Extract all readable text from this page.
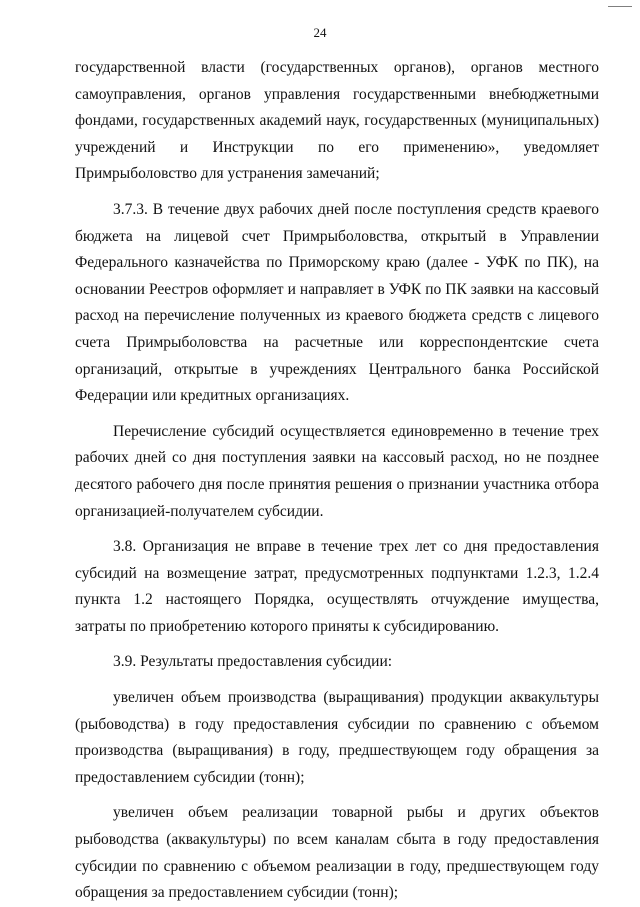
24

государственной власти (государственных органов), органов местного самоуправления, органов управления государственными внебюджетными фондами, государственных академий наук, государственных (муниципальных) учреждений и Инструкции по его применению», уведомляет Примрыболовство для устранения замечаний;

3.7.3. В течение двух рабочих дней после поступления средств краевого бюджета на лицевой счет Примрыболовства, открытый в Управлении Федерального казначейства по Приморскому краю (далее - УФК по ПК), на основании Реестров оформляет и направляет в УФК по ПК заявки на кассовый расход на перечисление полученных из краевого бюджета средств с лицевого счета Примрыболовства на расчетные или корреспондентские счета организаций, открытые в учреждениях Центрального банка Российской Федерации или кредитных организациях.

Перечисление субсидий осуществляется единовременно в течение трех рабочих дней со дня поступления заявки на кассовый расход, но не позднее десятого рабочего дня после принятия решения о признании участника отбора организацией-получателем субсидии.

3.8. Организация не вправе в течение трех лет со дня предоставления субсидий на возмещение затрат, предусмотренных подпунктами 1.2.3, 1.2.4 пункта 1.2 настоящего Порядка, осуществлять отчуждение имущества, затраты по приобретению которого приняты к субсидированию.

3.9. Результаты предоставления субсидии:

увеличен объем производства (выращивания) продукции аквакультуры (рыбоводства) в году предоставления субсидии по сравнению с объемом производства (выращивания) в году, предшествующем году обращения за предоставлением субсидии (тонн);

увеличен объем реализации товарной рыбы и других объектов рыбоводства (аквакультуры) по всем каналам сбыта в году предоставления субсидии по сравнению с объемом реализации в году, предшествующем году обращения за предоставлением субсидии (тонн);
